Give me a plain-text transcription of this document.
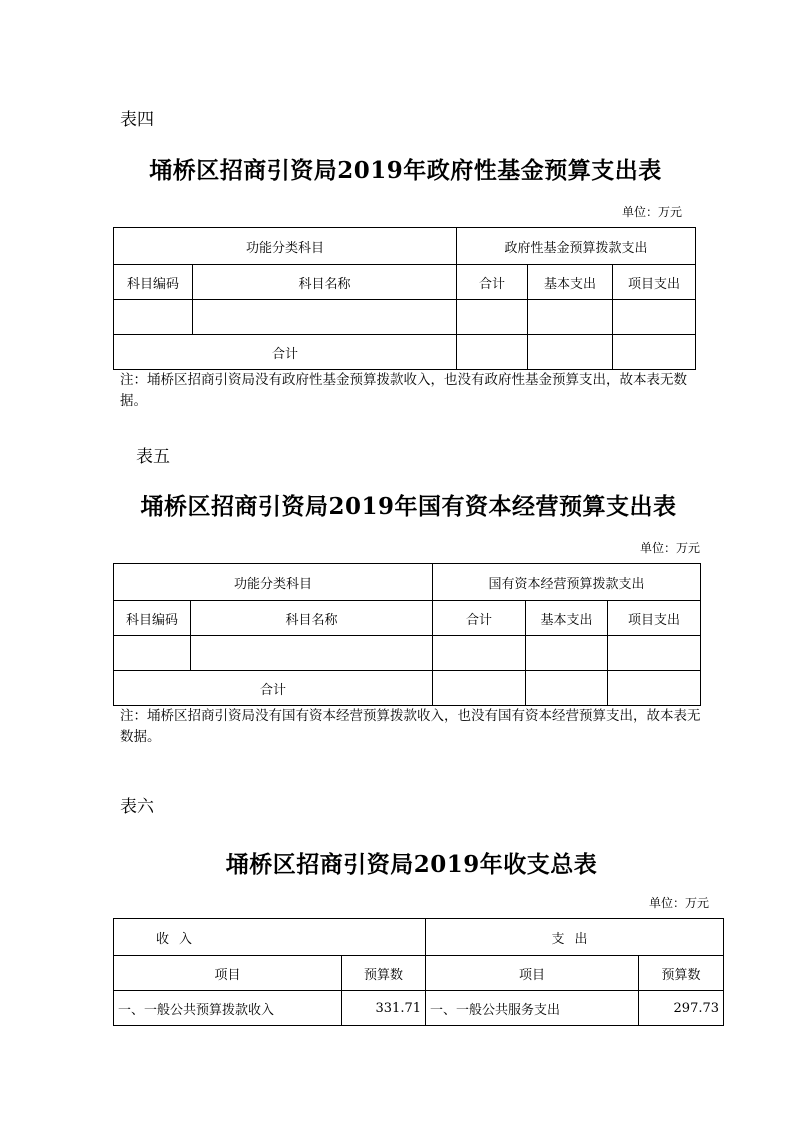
表四
埇桥区招商引资局2019年政府性基金预算支出表
单位：万元
功能分类科目		政府性基金预算拨款支出		
科目编码	科目名称	合计	基本支出	项目支出

合计				
注：埇桥区招商引资局没有政府性基金预算拨款收入，也没有政府性基金预算支出，故本表无数据。
表五
埇桥区招商引资局2019年国有资本经营预算支出表
单位：万元
功能分类科目		国有资本经营预算拨款支出		
科目编码	科目名称	合计	基本支出	项目支出

合计				
注：埇桥区招商引资局没有国有资本经营预算拨款收入，也没有国有资本经营预算支出，故本表无数据。
表六
埇桥区招商引资局2019年收支总表
单位：万元
收入		支出	
项目	预算数	项目	预算数
一、一般公共预算拨款收入	331.71	一、一般公共服务支出	297.73
